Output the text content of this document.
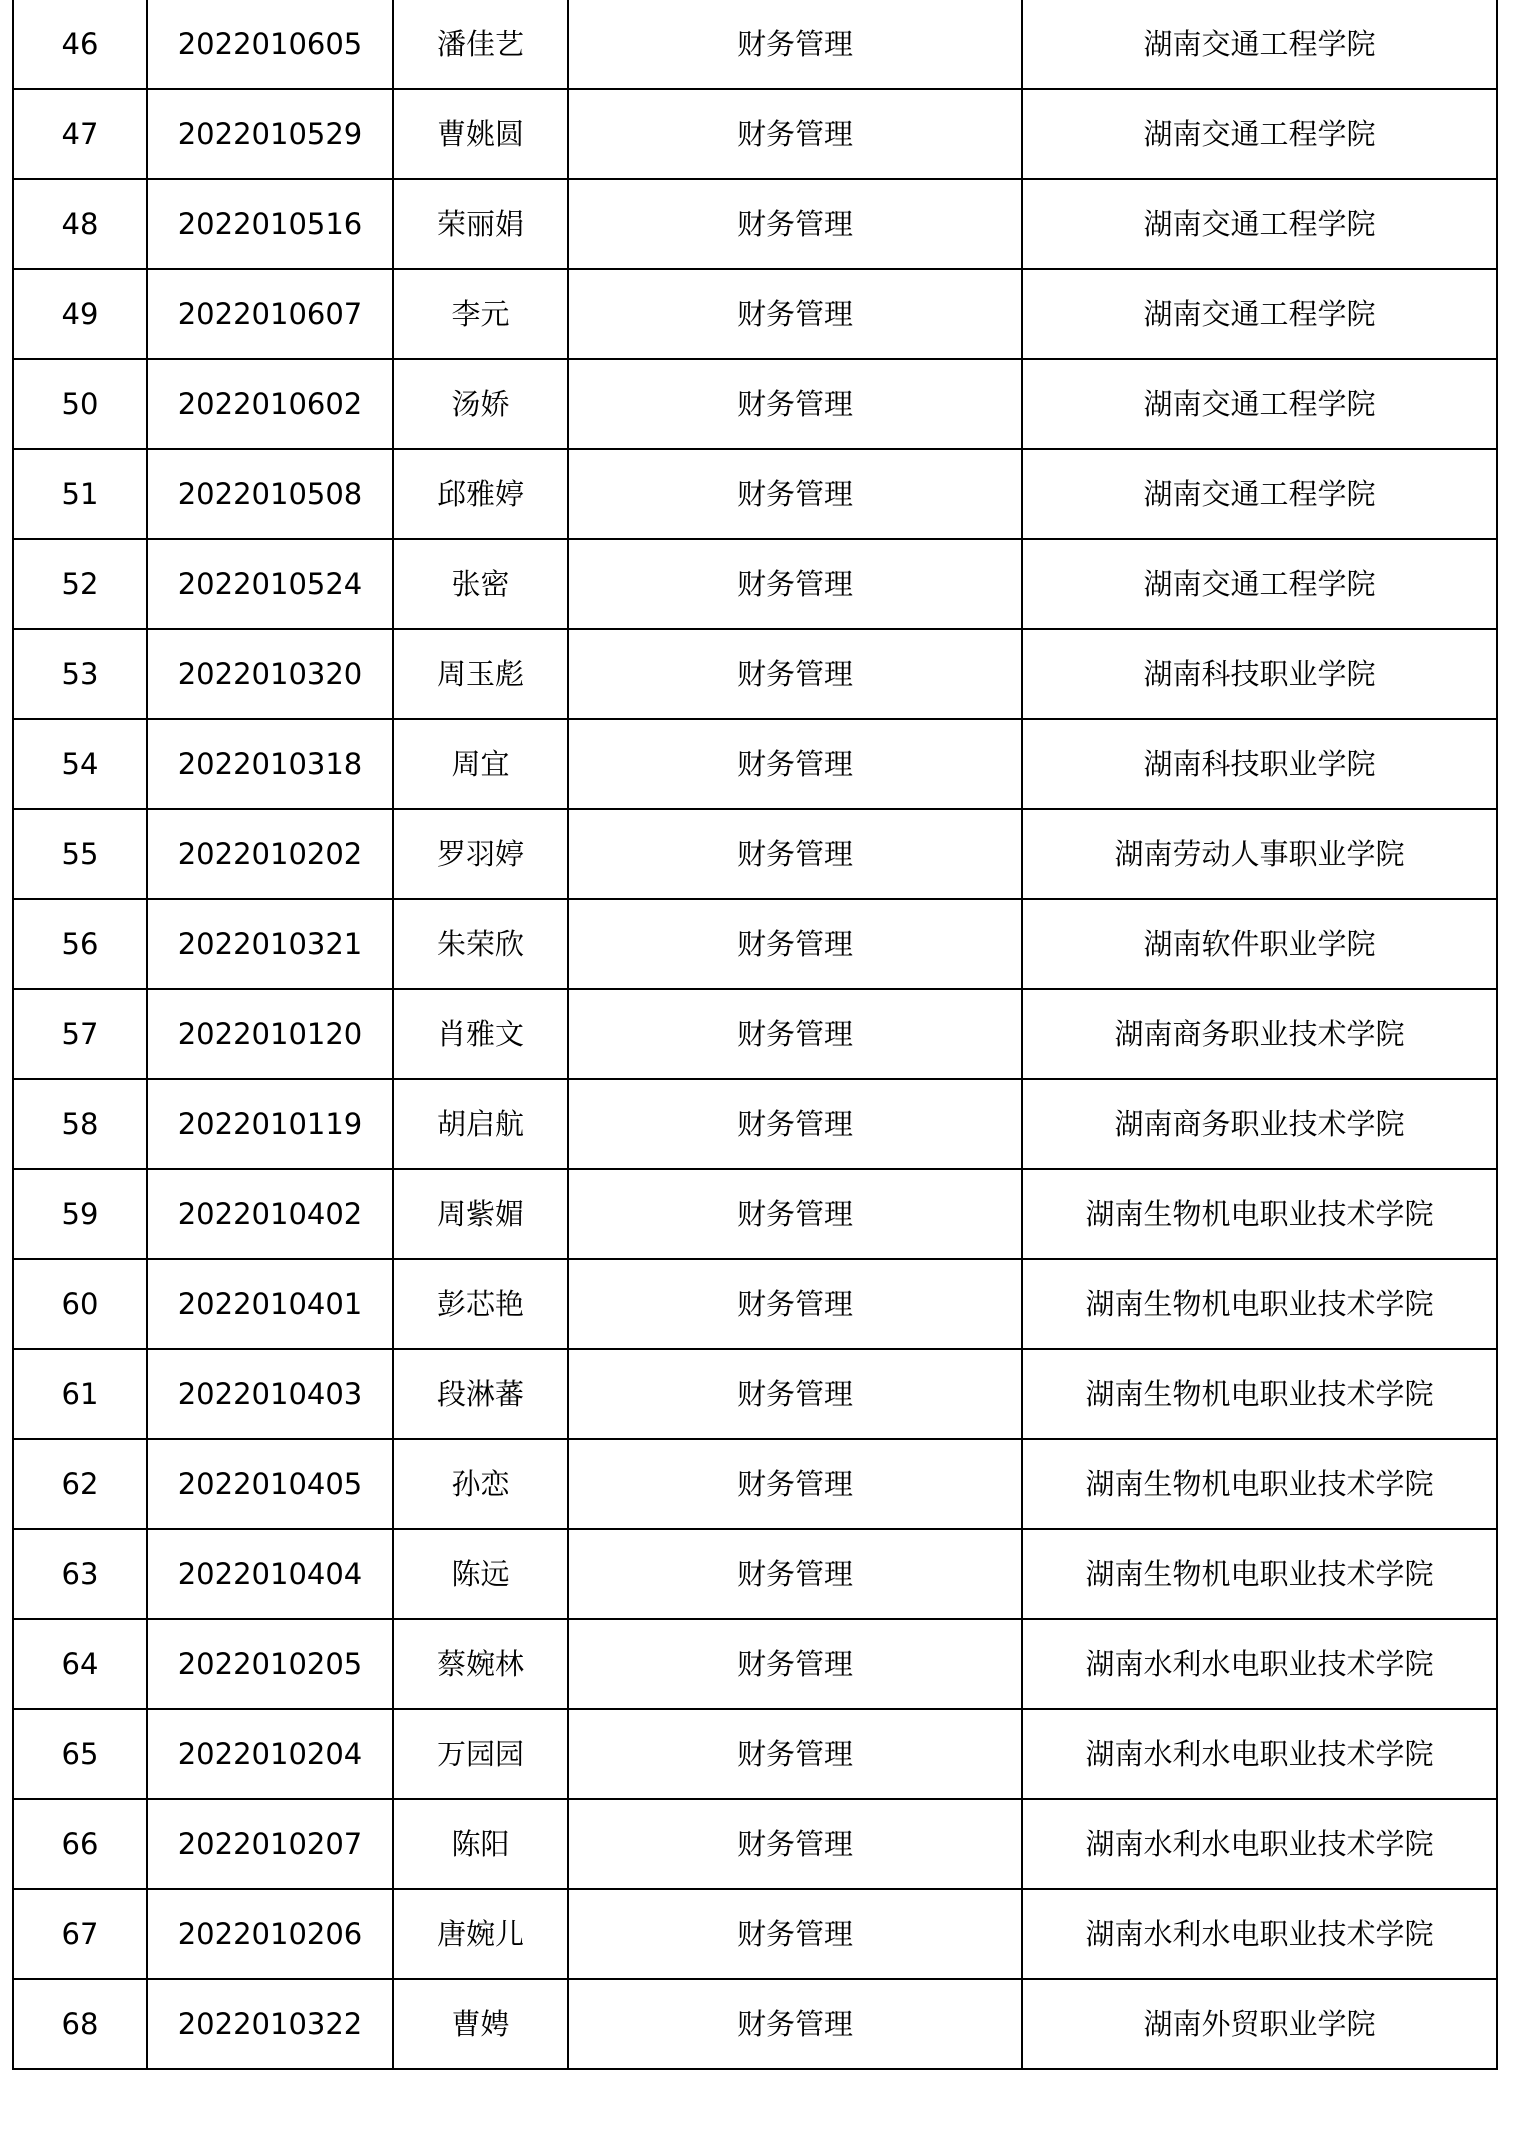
46	2022010605	潘佳艺	财务管理	湖南交通工程学院
47	2022010529	曹姚圆	财务管理	湖南交通工程学院
48	2022010516	荣丽娟	财务管理	湖南交通工程学院
49	2022010607	李元	财务管理	湖南交通工程学院
50	2022010602	汤娇	财务管理	湖南交通工程学院
51	2022010508	邱雅婷	财务管理	湖南交通工程学院
52	2022010524	张密	财务管理	湖南交通工程学院
53	2022010320	周玉彪	财务管理	湖南科技职业学院
54	2022010318	周宜	财务管理	湖南科技职业学院
55	2022010202	罗羽婷	财务管理	湖南劳动人事职业学院
56	2022010321	朱荣欣	财务管理	湖南软件职业学院
57	2022010120	肖雅文	财务管理	湖南商务职业技术学院
58	2022010119	胡启航	财务管理	湖南商务职业技术学院
59	2022010402	周紫媚	财务管理	湖南生物机电职业技术学院
60	2022010401	彭芯艳	财务管理	湖南生物机电职业技术学院
61	2022010403	段淋蕃	财务管理	湖南生物机电职业技术学院
62	2022010405	孙恋	财务管理	湖南生物机电职业技术学院
63	2022010404	陈远	财务管理	湖南生物机电职业技术学院
64	2022010205	蔡婉林	财务管理	湖南水利水电职业技术学院
65	2022010204	万园园	财务管理	湖南水利水电职业技术学院
66	2022010207	陈阳	财务管理	湖南水利水电职业技术学院
67	2022010206	唐婉儿	财务管理	湖南水利水电职业技术学院
68	2022010322	曹娉	财务管理	湖南外贸职业学院
